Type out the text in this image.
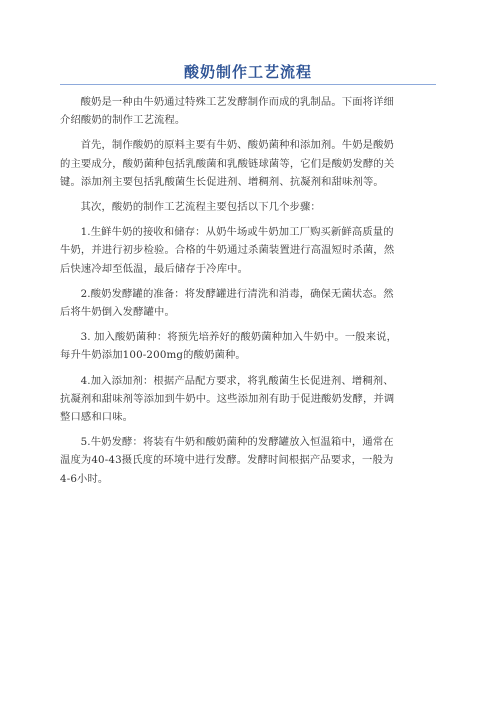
酸奶制作工艺流程

酸奶是一种由牛奶通过特殊工艺发酵制作而成的乳制品。下面将详细
介绍酸奶的制作工艺流程。

首先，制作酸奶的原料主要有牛奶、酸奶菌种和添加剂。牛奶是酸奶
的主要成分，酸奶菌种包括乳酸菌和乳酸链球菌等，它们是酸奶发酵的关
键。添加剂主要包括乳酸菌生长促进剂、增稠剂、抗凝剂和甜味剂等。

其次，酸奶的制作工艺流程主要包括以下几个步骤：

1.生鲜牛奶的接收和储存：从奶牛场或牛奶加工厂购买新鲜高质量的
牛奶，并进行初步检验。合格的牛奶通过杀菌装置进行高温短时杀菌，然
后快速冷却至低温，最后储存于冷库中。

2.酸奶发酵罐的准备：将发酵罐进行清洗和消毒，确保无菌状态。然
后将牛奶倒入发酵罐中。

3. 加入酸奶菌种：将预先培养好的酸奶菌种加入牛奶中。一般来说，
每升牛奶添加100-200mg的酸奶菌种。

4.加入添加剂：根据产品配方要求，将乳酸菌生长促进剂、增稠剂、
抗凝剂和甜味剂等添加到牛奶中。这些添加剂有助于促进酸奶发酵，并调
整口感和口味。

5.牛奶发酵：将装有牛奶和酸奶菌种的发酵罐放入恒温箱中，通常在
温度为40-43摄氏度的环境中进行发酵。发酵时间根据产品要求，一般为
4-6小时。
